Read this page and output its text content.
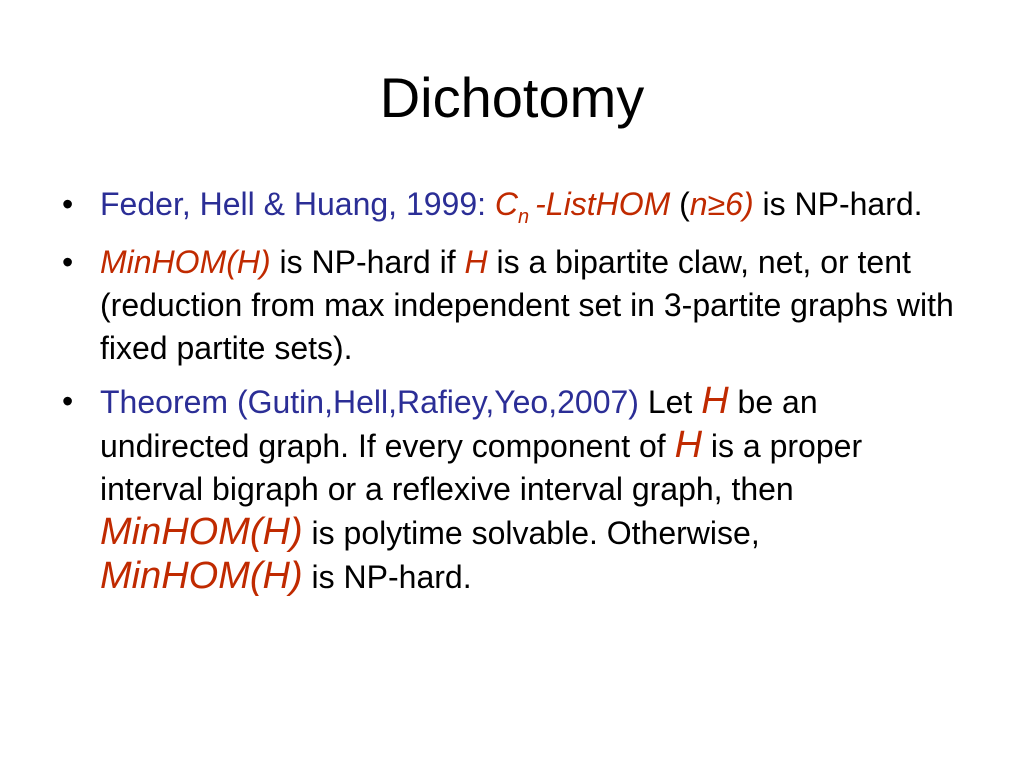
Dichotomy
• Feder, Hell & Huang, 1999: $C_n$ -ListHOM (n≥6) is NP-hard.
• MinHOM(H) is NP-hard if H is a bipartite claw, net, or tent (reduction from max independent set in 3-partite graphs with fixed partite sets).
• Theorem (Gutin,Hell,Rafiey,Yeo,2007) Let H be an undirected graph. If every component of H is a proper interval bigraph or a reflexive interval graph, then MinHOM(H) is polytime solvable. Otherwise, MinHOM(H) is NP-hard.
